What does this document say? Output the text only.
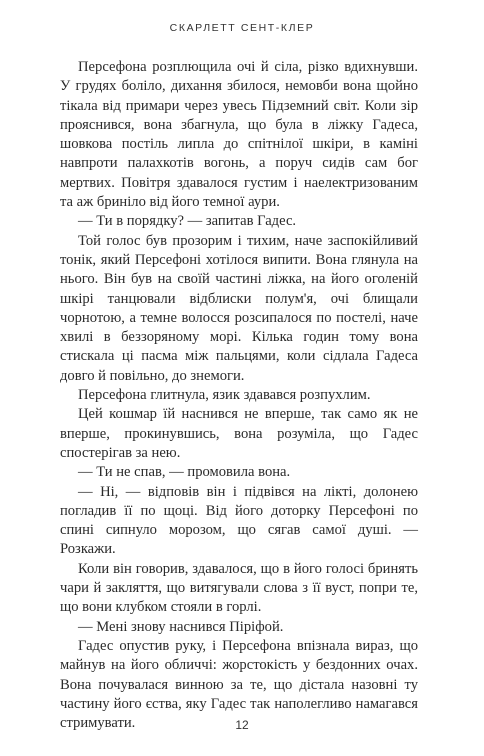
СКАРЛЕТТ СЕНТ-КЛЕР

Персефона розплющила очі й сіла, різко вдихнувши. У грудях боліло, дихання збилося, немовби вона щойно тікала від примари через увесь Підземний світ. Коли зір прояснився, вона збагнула, що була в ліжку Гадеса, шовкова постіль липла до спітнілої шкіри, в каміні навпроти палахкотів вогонь, а поруч сидів сам бог мертвих. Повітря здавалося густим і наелектризованим та аж бриніло від його темної аури.

— Ти в порядку? — запитав Гадес.

Той голос був прозорим і тихим, наче заспокійливий тонік, який Персефоні хотілося випити. Вона глянула на нього. Він був на своїй частині ліжка, на його оголеній шкірі танцювали відблиски полум'я, очі блищали чорнотою, а темне волосся розсипалося по постелі, наче хвилі в беззоряному морі. Кілька годин тому вона стискала ці пасма між пальцями, коли сідлала Гадеса довго й повільно, до знемоги.

Персефона глитнула, язик здавався розпухлим.

Цей кошмар їй наснився не вперше, так само як не вперше, прокинувшись, вона розуміла, що Гадес спостерігав за нею.

— Ти не спав, — промовила вона.

— Ні, — відповів він і підвівся на лікті, долонею погладив її по щоці. Від його доторку Персефоні по спині сипнуло морозом, що сягав самої душі. — Розкажи.

Коли він говорив, здавалося, що в його голосі бринять чари й закляття, що витягували слова з її вуст, попри те, що вони клубком стояли в горлі.

— Мені знову наснився Піріфой.

Гадес опустив руку, і Персефона впізнала вираз, що майнув на його обличчі: жорстокість у бездонних очах. Вона почувалася винною за те, що дістала назовні ту частину його єства, яку Гадес так наполегливо намагався стримувати.	12
